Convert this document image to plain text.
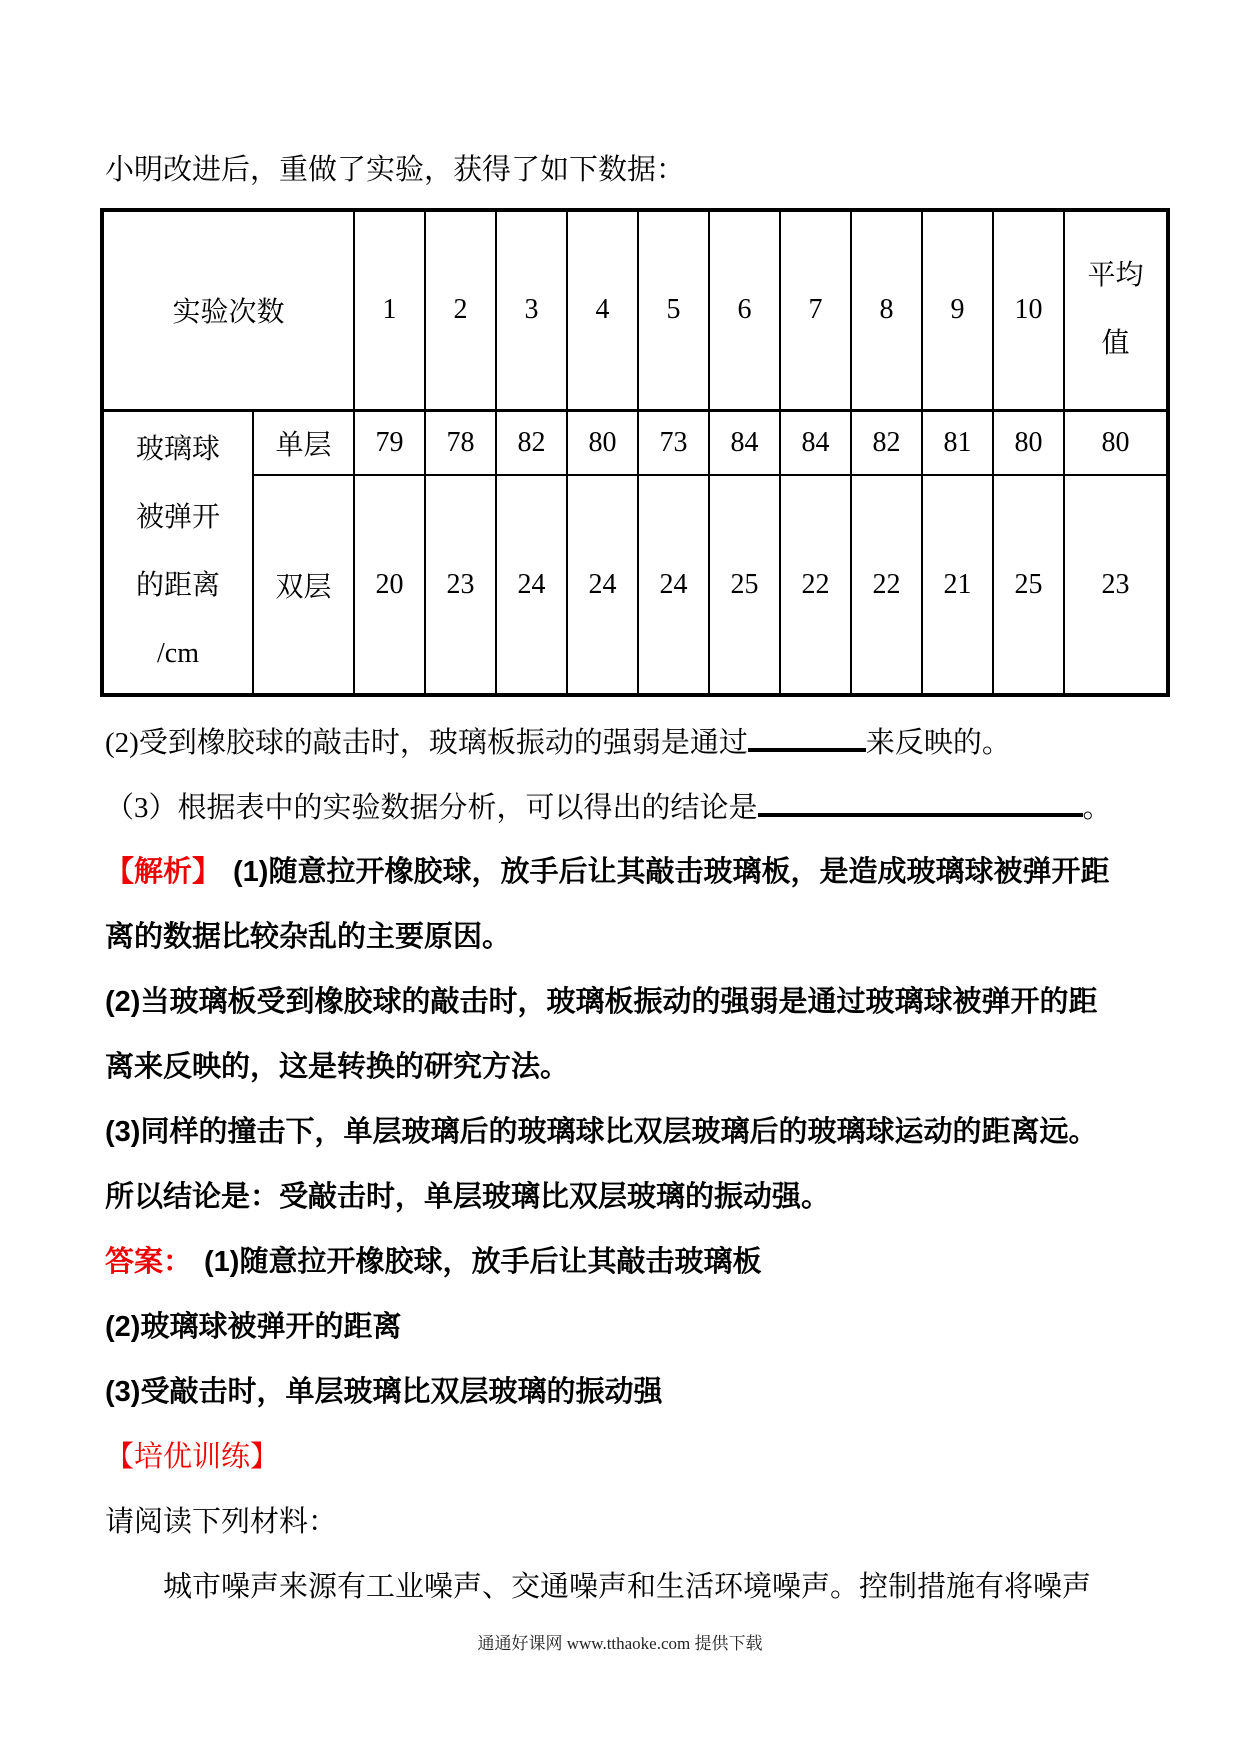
小明改进后，重做了实验，获得了如下数据：
实验次数		1	2	3	4	5	6	7	8	9	10	平均
值

玻璃球
被弹开
的距离
/cm	单层	79	78	82	80	73	84	84	82	81	80	80
	双层	20	23	24	24	24	25	22	22	21	25	23
(2)受到橡胶球的敲击时，玻璃板振动的强弱是通过	来反映的。
（3）根据表中的实验数据分析，可以得出的结论是	。
【解析】 (1)随意拉开橡胶球，放手后让其敲击玻璃板，是造成玻璃球被弹开距
离的数据比较杂乱的主要原因。
(2)当玻璃板受到橡胶球的敲击时，玻璃板振动的强弱是通过玻璃球被弹开的距
离来反映的，这是转换的研究方法。
(3)同样的撞击下，单层玻璃后的玻璃球比双层玻璃后的玻璃球运动的距离远。
所以结论是：受敲击时，单层玻璃比双层玻璃的振动强。
答案： (1)随意拉开橡胶球，放手后让其敲击玻璃板
(2)玻璃球被弹开的距离
(3)受敲击时，单层玻璃比双层玻璃的振动强
【培优训练】
请阅读下列材料：
城市噪声来源有工业噪声、交通噪声和生活环境噪声。控制措施有将噪声
通通好课网 www.tthaoke.com 提供下载
